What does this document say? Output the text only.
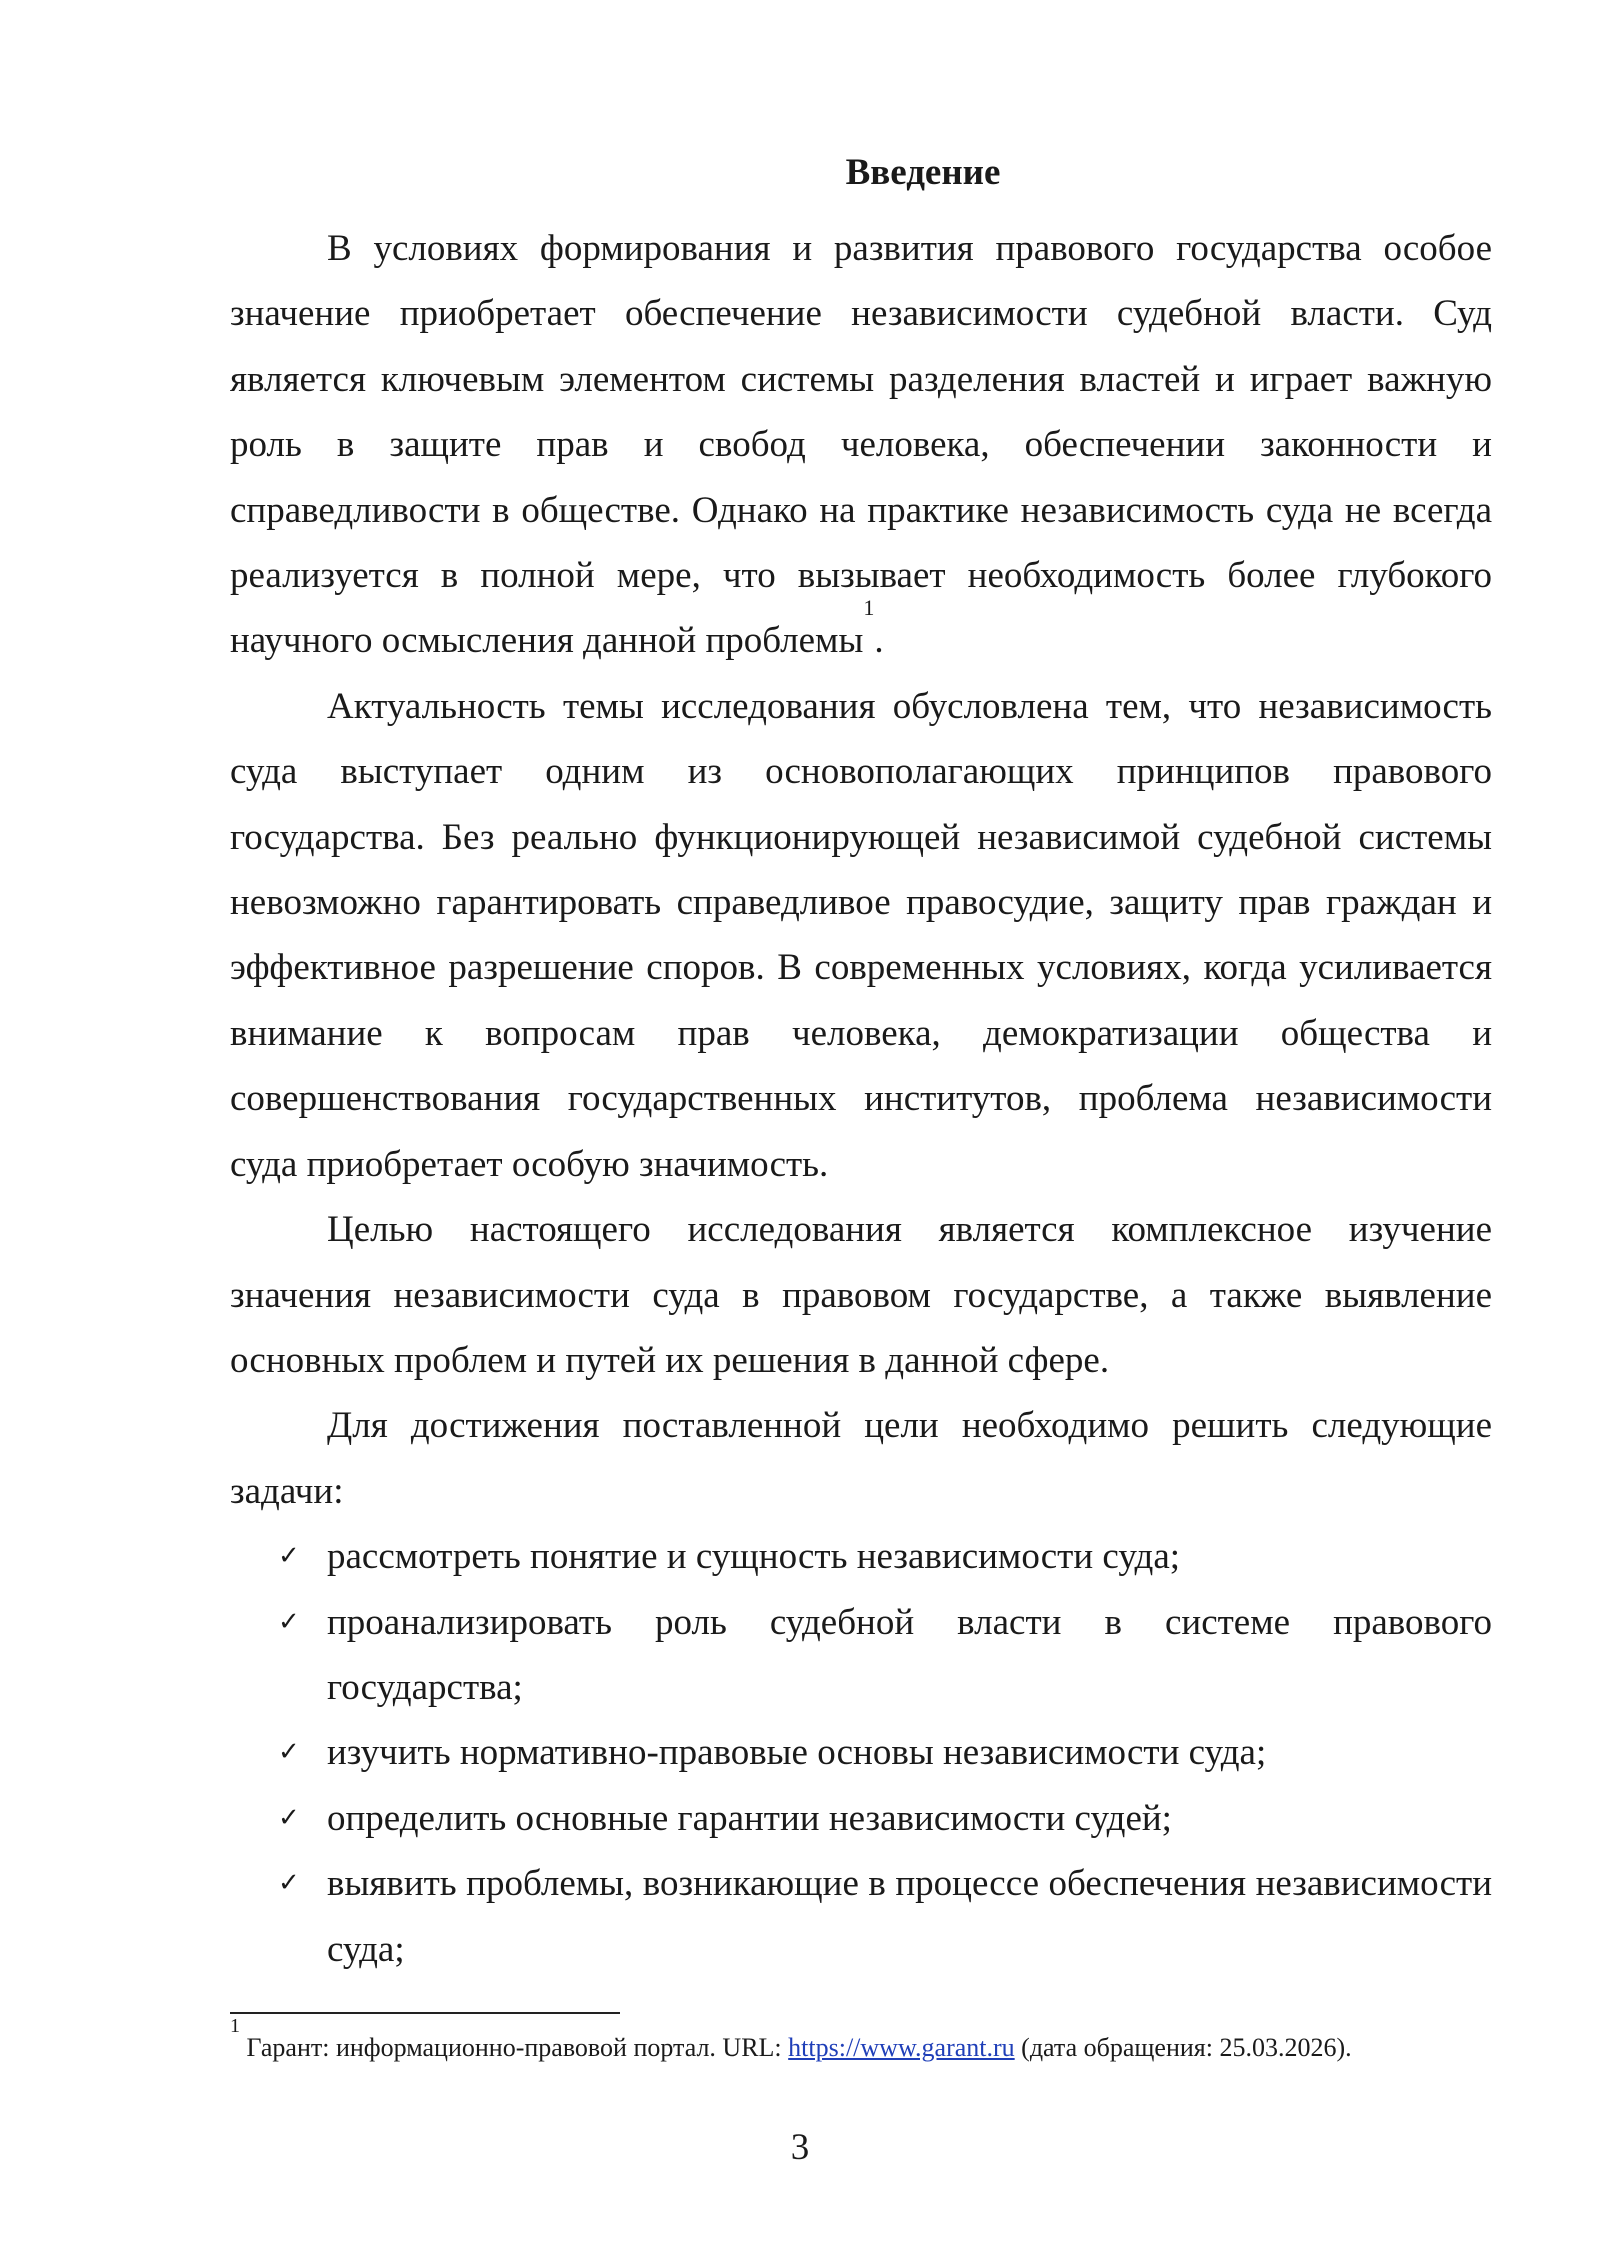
Введение

В условиях формирования и развития правового государства особое значение приобретает обеспечение независимости судебной власти. Суд является ключевым элементом системы разделения властей и играет важную роль в защите прав и свобод человека, обеспечении законности и справедливости в обществе. Однако на практике независимость суда не всегда реализуется в полной мере, что вызывает необходимость более глубокого научного осмысления данной проблемы$^1$.

Актуальность темы исследования обусловлена тем, что независимость суда выступает одним из основополагающих принципов правового государства. Без реально функционирующей независимой судебной системы невозможно гарантировать справедливое правосудие, защиту прав граждан и эффективное разрешение споров. В современных условиях, когда усиливается внимание к вопросам прав человека, демократизации общества и совершенствования государственных институтов, проблема независимости суда приобретает особую значимость.

Целью настоящего исследования является комплексное изучение значения независимости суда в правовом государстве, а также выявление основных проблем и путей их решения в данной сфере.

Для достижения поставленной цели необходимо решить следующие задачи:

✓ рассмотреть понятие и сущность независимости суда;
✓ проанализировать роль судебной власти в системе правового государства;
✓ изучить нормативно-правовые основы независимости суда;
✓ определить основные гарантии независимости судей;
✓ выявить проблемы, возникающие в процессе обеспечения независимости суда;
$^1$ Гарант: информационно-правовой портал. URL: https://www.garant.ru (дата обращения: 25.03.2026).
3
